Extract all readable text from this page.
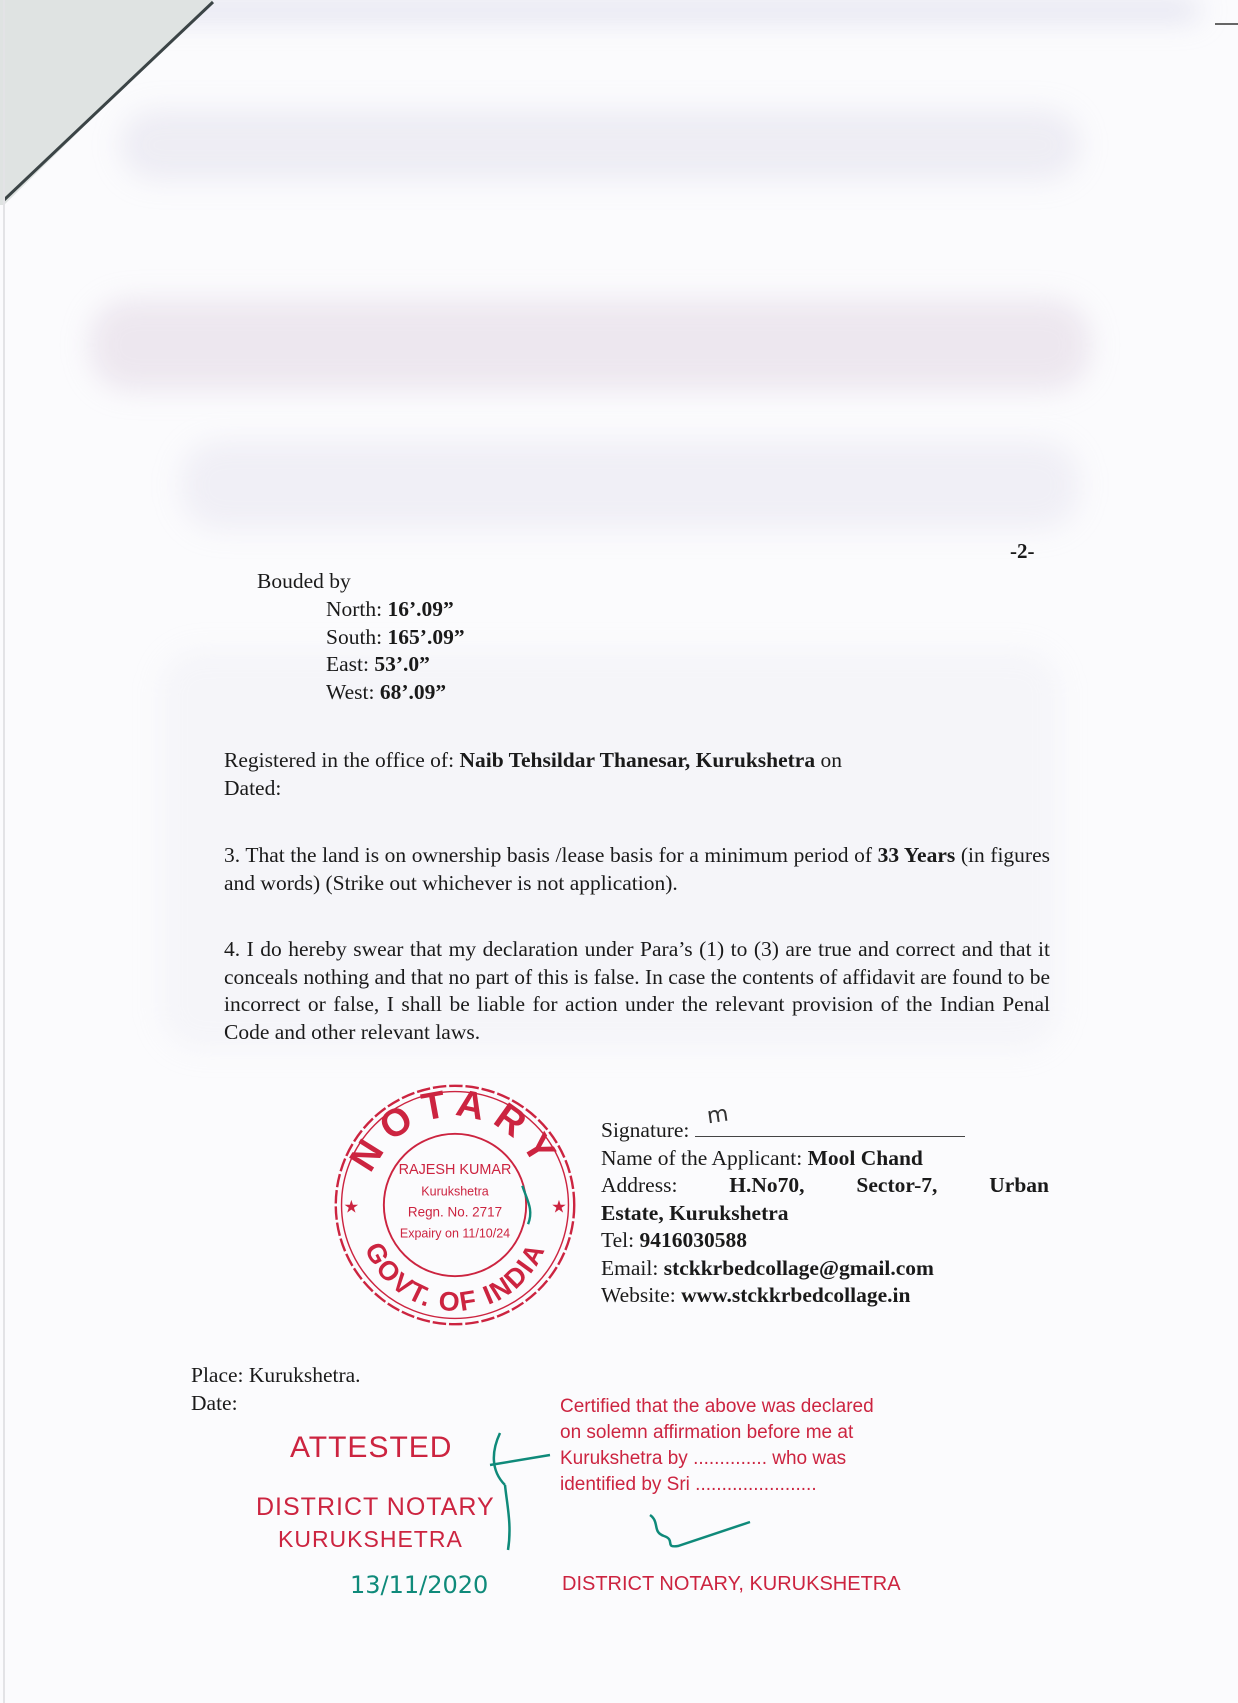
-2-
Bouded by
North: 16’.09”
South: 165’.09”
East: 53’.0”
West: 68’.09”
Registered in the office of: Naib Tehsildar Thanesar, Kurukshetra on
Dated:
3. That the land is on ownership basis /lease basis for a minimum period of 33 Years (in figures and words) (Strike out whichever is not application).
4. I do hereby swear that my declaration under Para’s (1) to (3) are true and correct and that it conceals nothing and that no part of this is false. In case the contents of affidavit are found to be incorrect or false, I shall be liable for action under the relevant provision of the Indian Penal Code and other relevant laws.
Signature:
m
Name of the Applicant: Mool Chand
Address: H.No70, Sector-7, Urban
Estate, Kurukshetra
Tel: 9416030588
Email: stckkrbedcollage@gmail.com
Website: www.stckkrbedcollage.in
Place: Kurukshetra.
Date:
NOTARY
GOVT. OF INDIA
★	★
RAJESH KUMAR
Kurukshetra
Regn. No. 2717
Expairy on 11/10/24
ATTESTED
DISTRICT NOTARY
KURUKSHETRA
13/11/2020
Certified that the above was declared
on solemn affirmation before me at
Kurukshetra by .............. who was
identified by Sri .......................
DISTRICT NOTARY, KURUKSHETRA
